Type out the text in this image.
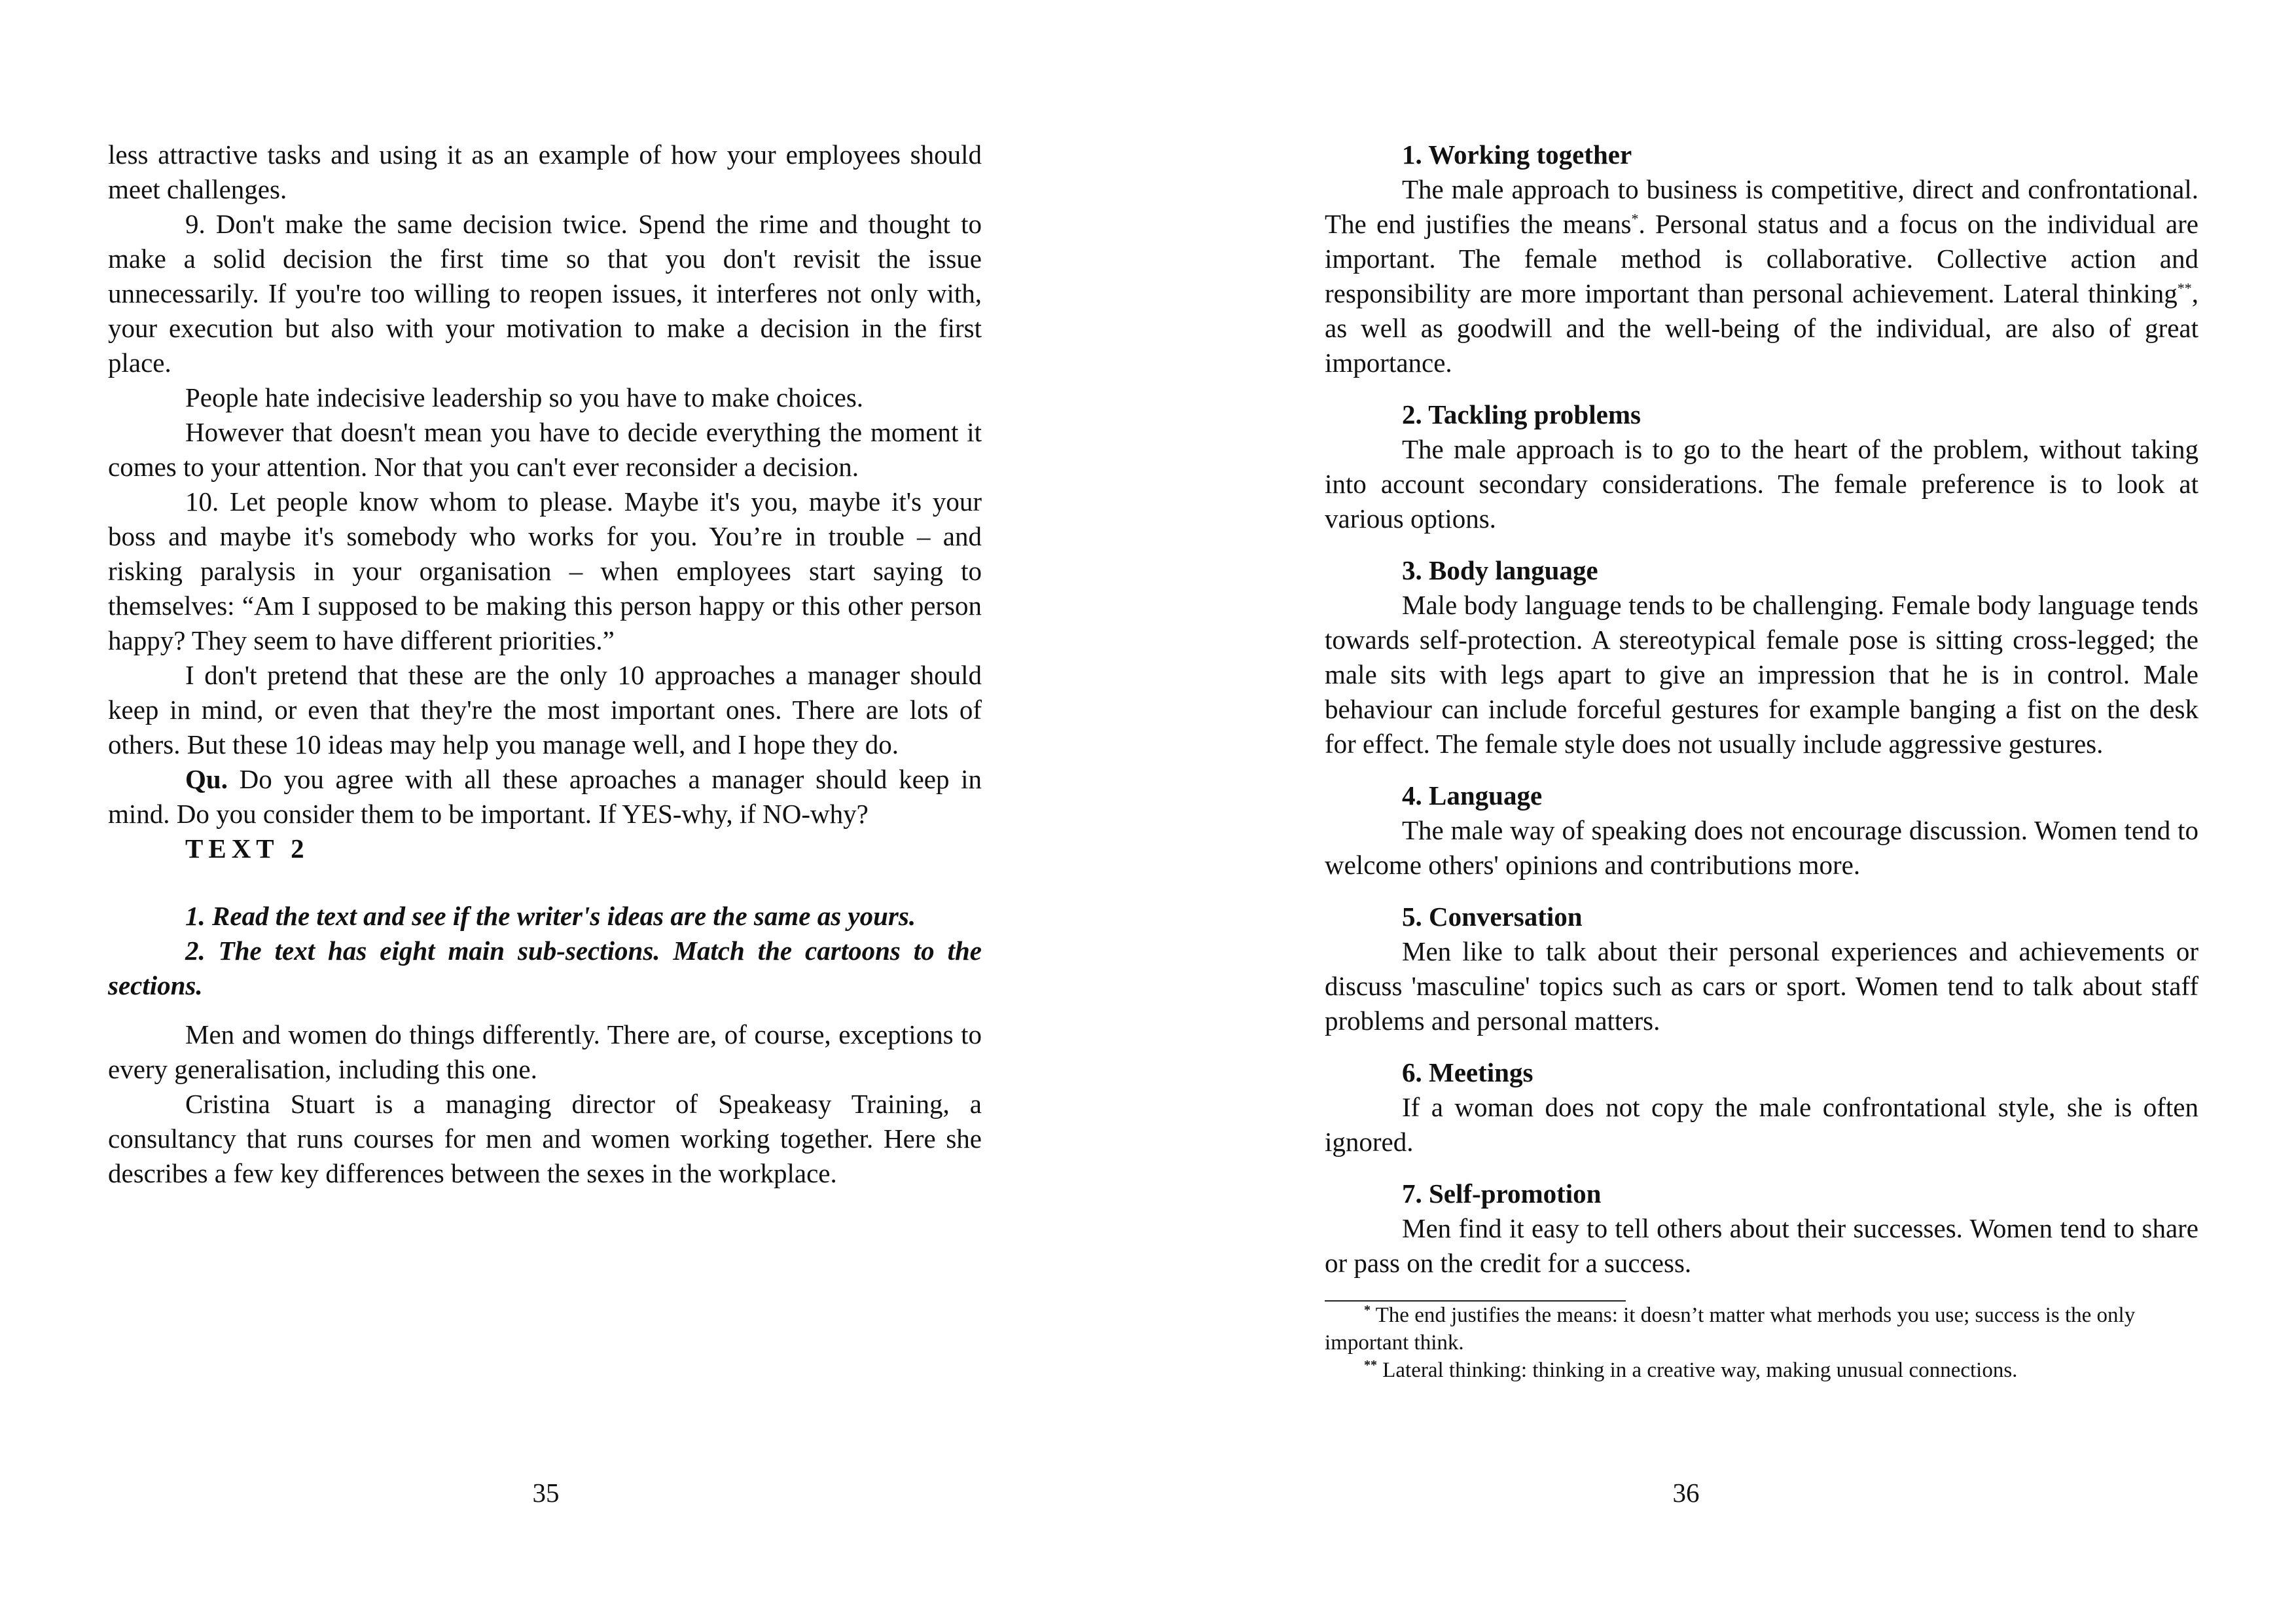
less attractive tasks and using it as an example of how your employees should meet challenges.

9. Don't make the same decision twice. Spend the rime and thought to make a solid decision the first time so that you don't revisit the issue unnecessarily. If you're too willing to reopen issues, it interferes not only with, your execution but also with your motivation to make a decision in the first place.

People hate indecisive leadership so you have to make choices.

However that doesn't mean you have to decide everything the moment it comes to your attention. Nor that you can't ever reconsider a decision.

10. Let people know whom to please. Maybe it's you, maybe it's your boss and maybe it's somebody who works for you. You’re in trouble – and risking paralysis in your organisation – when employees start saying to themselves: “Am I supposed to be making this person happy or this other person happy? They seem to have different priorities.”

I don't pretend that these are the only 10 approaches a manager should keep in mind, or even that they're the most important ones. There are lots of others. But these 10 ideas may help you manage well, and I hope they do.

Qu. Do you agree with all these aproaches a manager should keep in mind. Do you consider them to be important. If YES-why, if NO-why?

TEXT 2

1. Read the text and see if the writer's ideas are the same as yours.

2. The text has eight main sub-sections. Match the cartoons to the sections.

Men and women do things differently. There are, of course, exceptions to every generalisation, including this one.

Cristina Stuart is a managing director of Speakeasy Training, a consultancy that runs courses for men and women working together. Here she describes a few key differences between the sexes in the workplace.

35
1. Working together

The male approach to business is competitive, direct and confrontational. The end justifies the means*. Personal status and a focus on the individual are important. The female method is collaborative. Collective action and responsibility are more important than personal achievement. Lateral thinking**, as well as goodwill and the well-being of the individual, are also of great importance.

2. Tackling problems

The male approach is to go to the heart of the problem, without taking into account secondary considerations. The female preference is to look at various options.

3. Body language

Male body language tends to be challenging. Female body language tends towards self-protection. A stereotypical female pose is sitting cross-legged; the male sits with legs apart to give an impression that he is in control. Male behaviour can include forceful gestures for example banging a fist on the desk for effect. The female style does not usually include aggressive gestures.

4. Language

The male way of speaking does not encourage discussion. Women tend to welcome others' opinions and contributions more.

5. Conversation

Men like to talk about their personal experiences and achievements or discuss 'masculine' topics such as cars or sport. Women tend to talk about staff problems and personal matters.

6. Meetings

If a woman does not copy the male confrontational style, she is often ignored.

7. Self-promotion

Men find it easy to tell others about their successes. Women tend to share or pass on the credit for a success.

* The end justifies the means: it doesn’t matter what merhods you use; success is the only important think.

** Lateral thinking: thinking in a creative way, making unusual connections.

36
